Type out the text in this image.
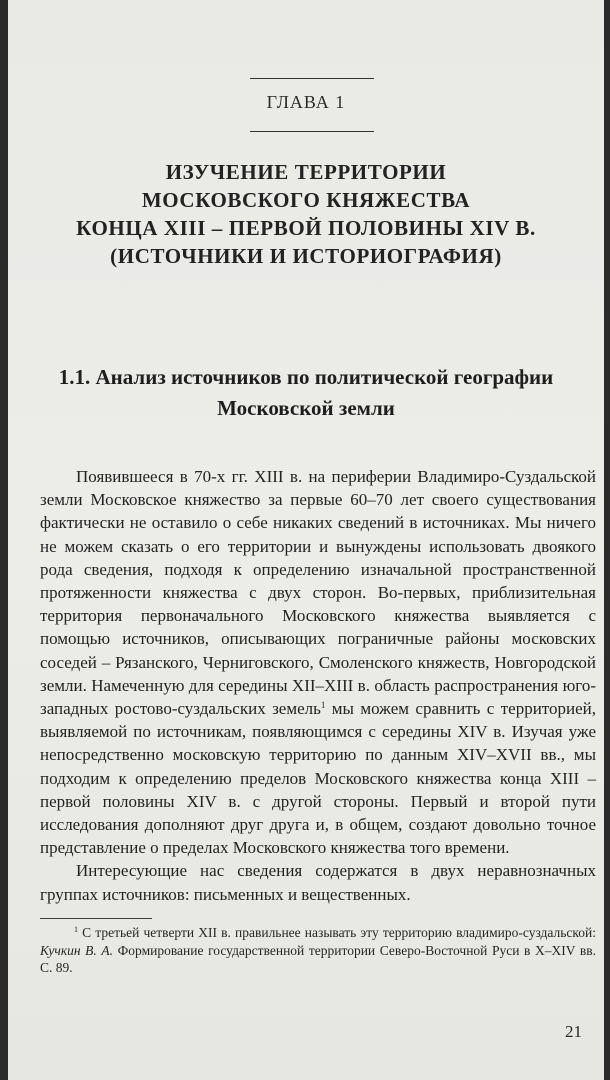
ГЛАВА 1
ИЗУЧЕНИЕ ТЕРРИТОРИИ
МОСКОВСКОГО КНЯЖЕСТВА
КОНЦА XIII – ПЕРВОЙ ПОЛОВИНЫ XIV В.
(ИСТОЧНИКИ И ИСТОРИОГРАФИЯ)
1.1. Анализ источников по политической географии
Московской земли

Появившееся в 70-х гг. XIII в. на периферии Владимиро-Суздальской земли Московское княжество за первые 60–70 лет своего существования фактически не оставило о себе никаких сведений в источниках. Мы ничего не можем сказать о его территории и вынуждены использовать двоякого рода сведения, подходя к определению изначальной пространственной протяженности княжества с двух сторон. Во-первых, приблизительная территория первоначального Московского княжества выявляется с помощью источников, описывающих пограничные районы московских соседей – Рязанского, Черниговского, Смоленского княжеств, Новгородской земли. Намеченную для середины XII–XIII в. область распространения юго-западных ростово-суздальских земель$^1$ мы можем сравнить с территорией, выявляемой по источникам, появляющимся с середины XIV в. Изучая уже непосредственно московскую территорию по данным XIV–XVII вв., мы подходим к определению пределов Московского княжества конца XIII – первой половины XIV в. с другой стороны. Первый и второй пути исследования дополняют друг друга и, в общем, создают довольно точное представление о пределах Московского княжества того времени.

Интересующие нас сведения содержатся в двух неравнозначных группах источников: письменных и вещественных.

$^1$ С третьей четверти XII в. правильнее называть эту территорию владимиро-суздальской: Кучкин В. А. Формирование государственной территории Северо-Восточной Руси в X–XIV вв. С. 89.

21
